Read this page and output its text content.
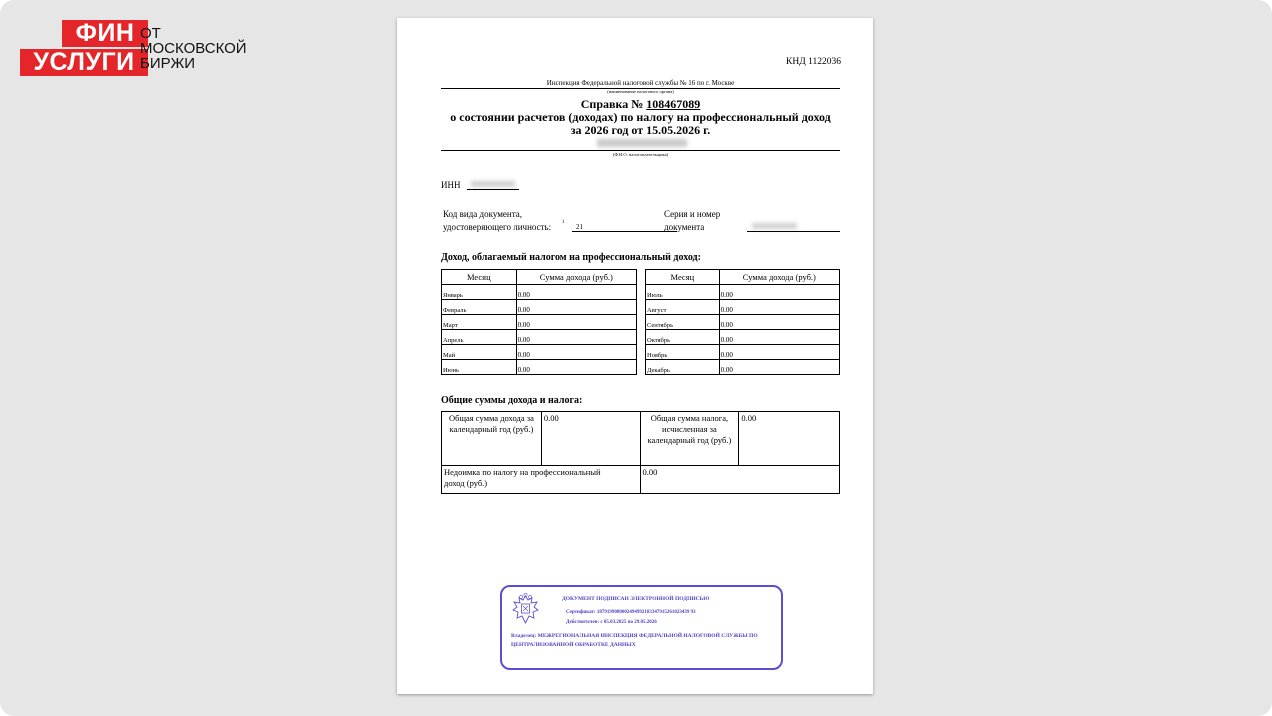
ФИН
УСЛУГИ
ОТ
МОСКОВСКОЙ
БИРЖИ	КНД 1122036
Инспекция Федеральной налоговой службы № 16 по г. Москве
(наименование налогового органа)
Справка № 108467089
о состоянии расчетов (доходах) по налогу на профессиональный доход
за 2026 год от 15.05.2026 г.
(Ф.И.О. налогоплательщика)
ИНН
Код вида документа,
удостоверяющего личность: 1
21
Серия и номер
документа
Доход, облагаемый налогом на профессиональный доход:
Месяц	Сумма дохода (руб.)
Январь	0.00
Февраль	0.00
Март	0.00
Апрель	0.00
Май	0.00
Июнь	0.00
Месяц	Сумма дохода (руб.)
Июль	0.00
Август	0.00
Сентябрь	0.00
Октябрь	0.00
Ноябрь	0.00
Декабрь	0.00
Общие суммы дохода и налога:
Общая сумма дохода за календарный год (руб.)	0.00	Общая сумма налога, исчисленная за календарный год (руб.)	0.00
Недоимка по налогу на профессиональный доход (руб.)		0.00	
ДОКУМЕНТ ПОДПИСАН ЭЛЕКТРОННОЙ ПОДПИСЬЮ
Сертификат: 1879199080002494992183347915261023439 93
Действителен: с 05.03.2025 по 29.05.2026
Владелец: МЕЖРЕГИОНАЛЬНАЯ ИНСПЕКЦИЯ ФЕДЕРАЛЬНОЙ НАЛОГОВОЙ СЛУЖБЫ ПО ЦЕНТРАЛИЗОВАННОЙ ОБРАБОТКЕ ДАННЫХ
